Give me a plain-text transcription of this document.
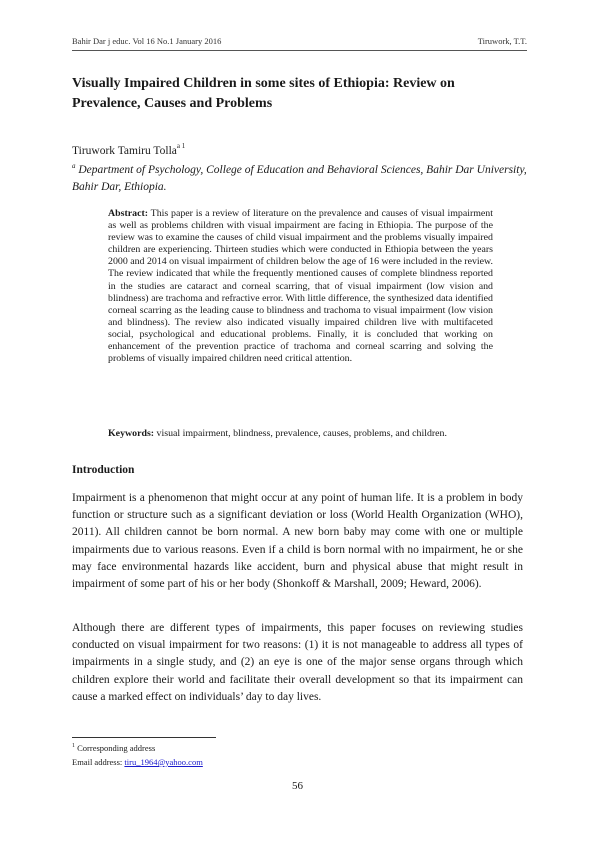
Bahir Dar j educ. Vol 16 No.1 January 2016	Tiruwork, T.T.
Visually Impaired Children in some sites of Ethiopia: Review on Prevalence, Causes and Problems
Tiruwork Tamiru Tolla$^{a 1}$
$^a$ Department of Psychology, College of Education and Behavioral Sciences, Bahir Dar University, Bahir Dar, Ethiopia.
Abstract: This paper is a review of literature on the prevalence and causes of visual impairment as well as problems children with visual impairment are facing in Ethiopia. The purpose of the review was to examine the causes of child visual impairment and the problems visually impaired children are experiencing. Thirteen studies which were conducted in Ethiopia between the years 2000 and 2014 on visual impairment of children below the age of 16 were included in the review. The review indicated that while the frequently mentioned causes of complete blindness reported in the studies are cataract and corneal scarring, that of visual impairment (low vision and blindness) are trachoma and refractive error. With little difference, the synthesized data identified corneal scarring as the leading cause to blindness and trachoma to visual impairment (low vision and blindness). The review also indicated visually impaired children live with multifaceted social, psychological and educational problems. Finally, it is concluded that working on enhancement of the prevention practice of trachoma and corneal scarring and solving the problems of visually impaired children need critical attention.
Keywords: visual impairment, blindness, prevalence, causes, problems, and children.
Introduction
Impairment is a phenomenon that might occur at any point of human life. It is a problem in body function or structure such as a significant deviation or loss (World Health Organization (WHO), 2011). All children cannot be born normal. A new born baby may come with one or multiple impairments due to various reasons. Even if a child is born normal with no impairment, he or she may face environmental hazards like accident, burn and physical abuse that might result in impairment of some part of his or her body (Shonkoff & Marshall, 2009; Heward, 2006).
Although there are different types of impairments, this paper focuses on reviewing studies conducted on visual impairment for two reasons: (1) it is not manageable to address all types of impairments in a single study, and (2) an eye is one of the major sense organs through which children explore their world and facilitate their overall development so that its impairment can cause a marked effect on individuals’ day to day lives.
$^1$ Corresponding address
Email address: tiru_1964@yahoo.com
56
